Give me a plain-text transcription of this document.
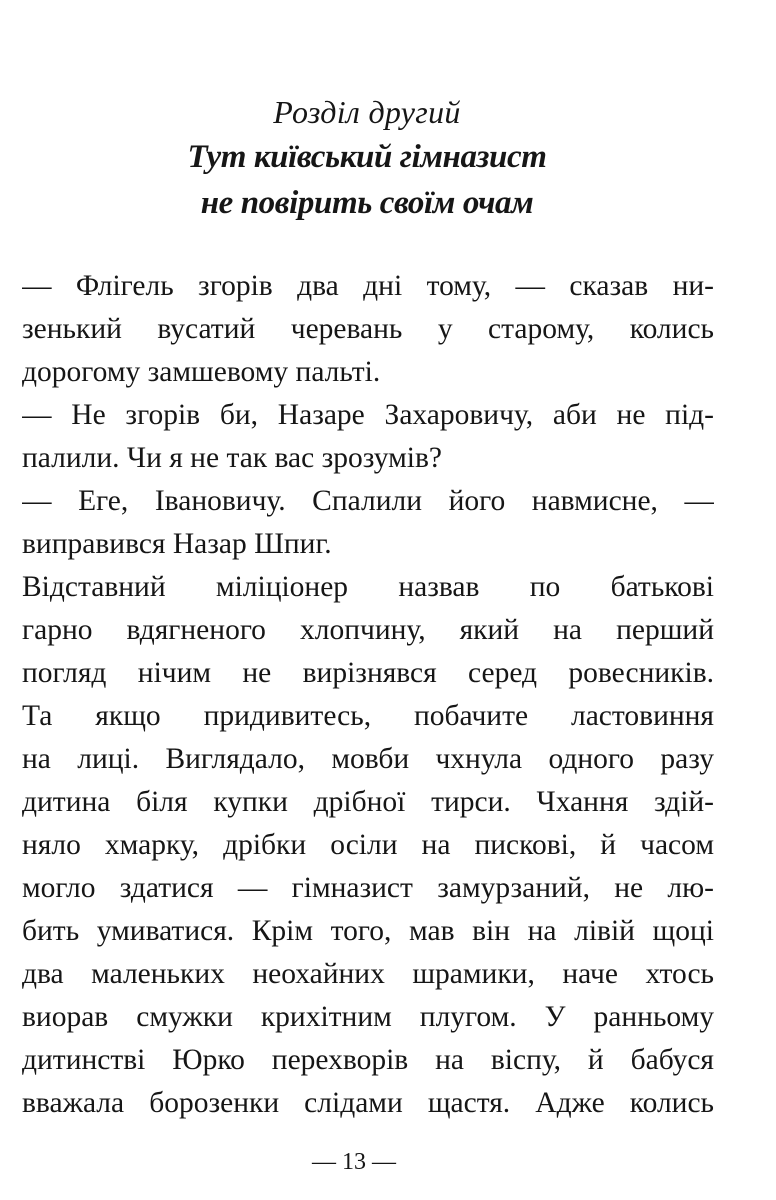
Розділ другий
Тут київський гімназист
не повірить своїм очам
— Флігель згорів два дні тому, — сказав ни-
зенький вусатий черевань у старому, колись
дорогому замшевому пальті.
— Не згорів би, Назаре Захаровичу, аби не під-
палили. Чи я не так вас зрозумів?
— Еге, Івановичу. Спалили його навмисне, —
виправився Назар Шпиг.
Відставний міліціонер назвав по батькові
гарно вдягненого хлопчину, який на перший
погляд нічим не вирізнявся серед ровесників.
Та якщо придивитесь, побачите ластовиння
на лиці. Виглядало, мовби чхнула одного разу
дитина біля купки дрібної тирси. Чхання здій-
няло хмарку, дрібки осіли на пискові, й часом
могло здатися — гімназист замурзаний, не лю-
бить умиватися. Крім того, мав він на лівій щоці
два маленьких неохайних шрамики, наче хтось
виорав смужки крихітним плугом. У ранньому
дитинстві Юрко перехворів на віспу, й бабуся
вважала борозенки слідами щастя. Адже колись
— 13 —
